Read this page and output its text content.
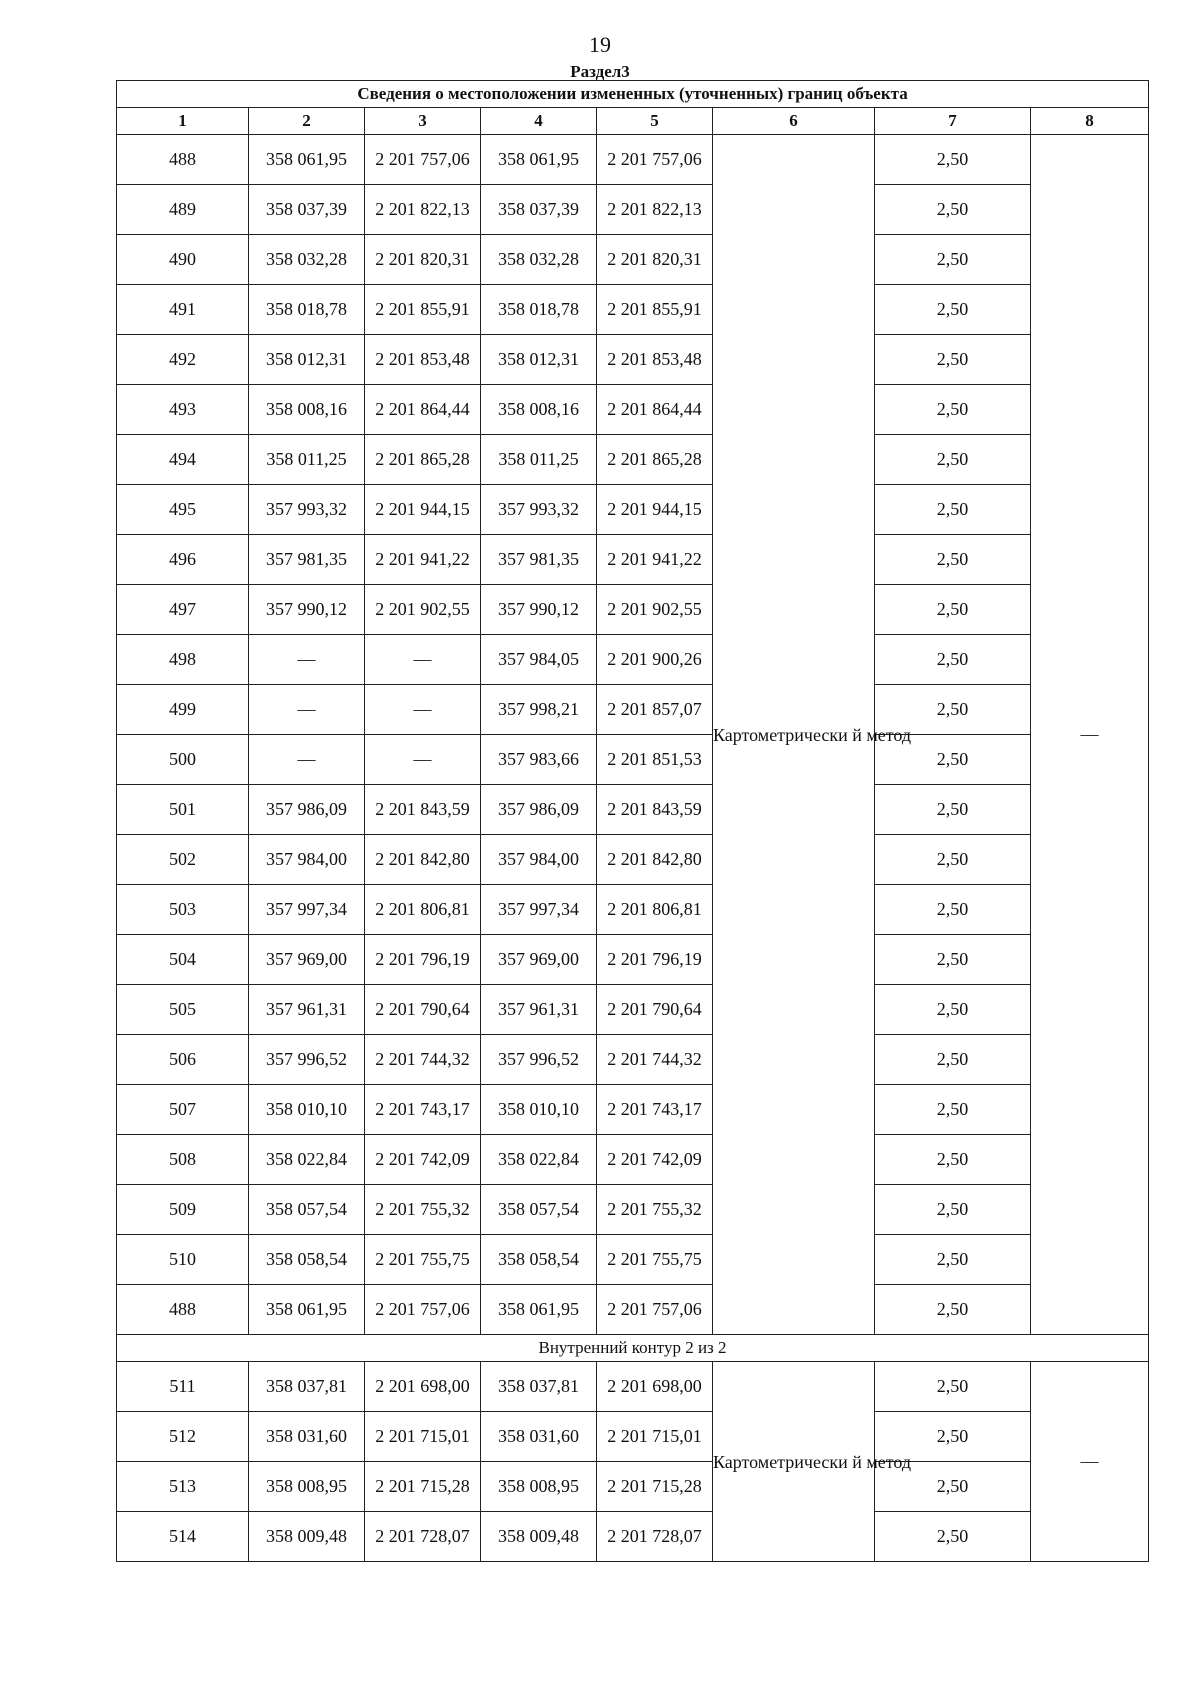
19
Раздел3
Сведения о местоположении измененных (уточненных) границ объекта							
1	2	3	4	5	6	7	8
488	358 061,95	2 201 757,06	358 061,95	2 201 757,06	Картометрически й метод	2,50	—
489	358 037,39	2 201 822,13	358 037,39	2 201 822,13		2,50	
490	358 032,28	2 201 820,31	358 032,28	2 201 820,31		2,50	
491	358 018,78	2 201 855,91	358 018,78	2 201 855,91		2,50	
492	358 012,31	2 201 853,48	358 012,31	2 201 853,48		2,50	
493	358 008,16	2 201 864,44	358 008,16	2 201 864,44		2,50	
494	358 011,25	2 201 865,28	358 011,25	2 201 865,28		2,50	
495	357 993,32	2 201 944,15	357 993,32	2 201 944,15		2,50	
496	357 981,35	2 201 941,22	357 981,35	2 201 941,22		2,50	
497	357 990,12	2 201 902,55	357 990,12	2 201 902,55		2,50	
498	—	—	357 984,05	2 201 900,26		2,50	
499	—	—	357 998,21	2 201 857,07		2,50	
500	—	—	357 983,66	2 201 851,53		2,50	
501	357 986,09	2 201 843,59	357 986,09	2 201 843,59		2,50	
502	357 984,00	2 201 842,80	357 984,00	2 201 842,80		2,50	
503	357 997,34	2 201 806,81	357 997,34	2 201 806,81		2,50	
504	357 969,00	2 201 796,19	357 969,00	2 201 796,19		2,50	
505	357 961,31	2 201 790,64	357 961,31	2 201 790,64		2,50	
506	357 996,52	2 201 744,32	357 996,52	2 201 744,32		2,50	
507	358 010,10	2 201 743,17	358 010,10	2 201 743,17		2,50	
508	358 022,84	2 201 742,09	358 022,84	2 201 742,09		2,50	
509	358 057,54	2 201 755,32	358 057,54	2 201 755,32		2,50	
510	358 058,54	2 201 755,75	358 058,54	2 201 755,75		2,50	
488	358 061,95	2 201 757,06	358 061,95	2 201 757,06		2,50	
Внутренний контур 2 из 2							
511	358 037,81	2 201 698,00	358 037,81	2 201 698,00	Картометрически й метод	2,50	—
512	358 031,60	2 201 715,01	358 031,60	2 201 715,01		2,50	
513	358 008,95	2 201 715,28	358 008,95	2 201 715,28		2,50	
514	358 009,48	2 201 728,07	358 009,48	2 201 728,07		2,50	
